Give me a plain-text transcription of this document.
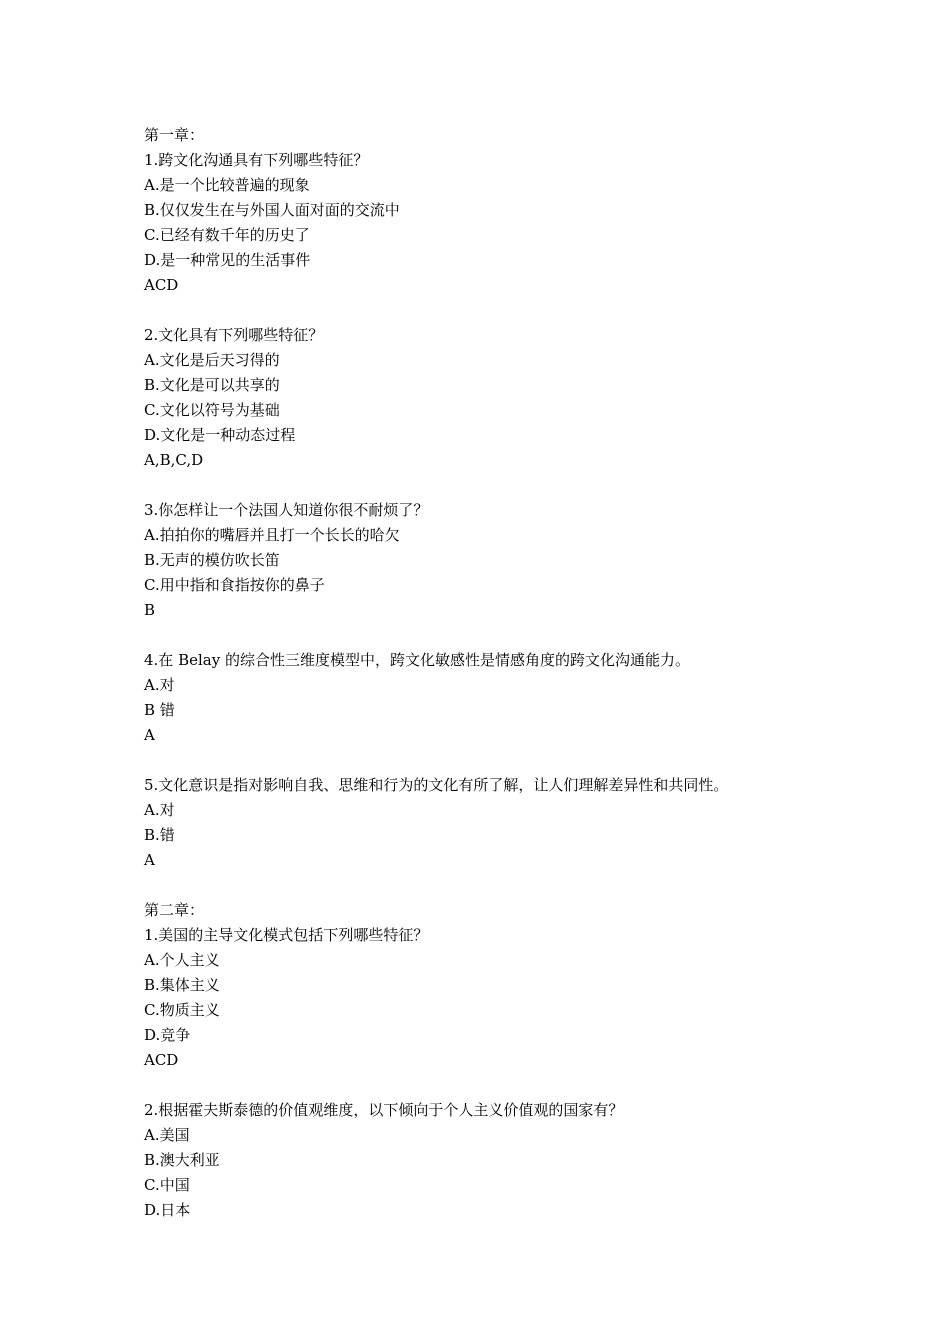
第一章：
1.跨文化沟通具有下列哪些特征？
A.是一个比较普遍的现象
B.仅仅发生在与外国人面对面的交流中
C.已经有数千年的历史了
D.是一种常见的生活事件
ACD
2.文化具有下列哪些特征？
A.文化是后天习得的
B.文化是可以共享的
C.文化以符号为基础
D.文化是一种动态过程
A,B,C,D
3.你怎样让一个法国人知道你很不耐烦了？
A.拍拍你的嘴唇并且打一个长长的哈欠
B.无声的模仿吹长笛
C.用中指和食指按你的鼻子
B
4.在 Belay 的综合性三维度模型中，跨文化敏感性是情感角度的跨文化沟通能力。
A.对
B 错
A
5.文化意识是指对影响自我、思维和行为的文化有所了解，让人们理解差异性和共同性。
A.对
B.错
A
第二章：
1.美国的主导文化模式包括下列哪些特征？
A.个人主义
B.集体主义
C.物质主义
D.竞争
ACD
2.根据霍夫斯泰德的价值观维度，以下倾向于个人主义价值观的国家有？
A.美国
B.澳大利亚
C.中国
D.日本
